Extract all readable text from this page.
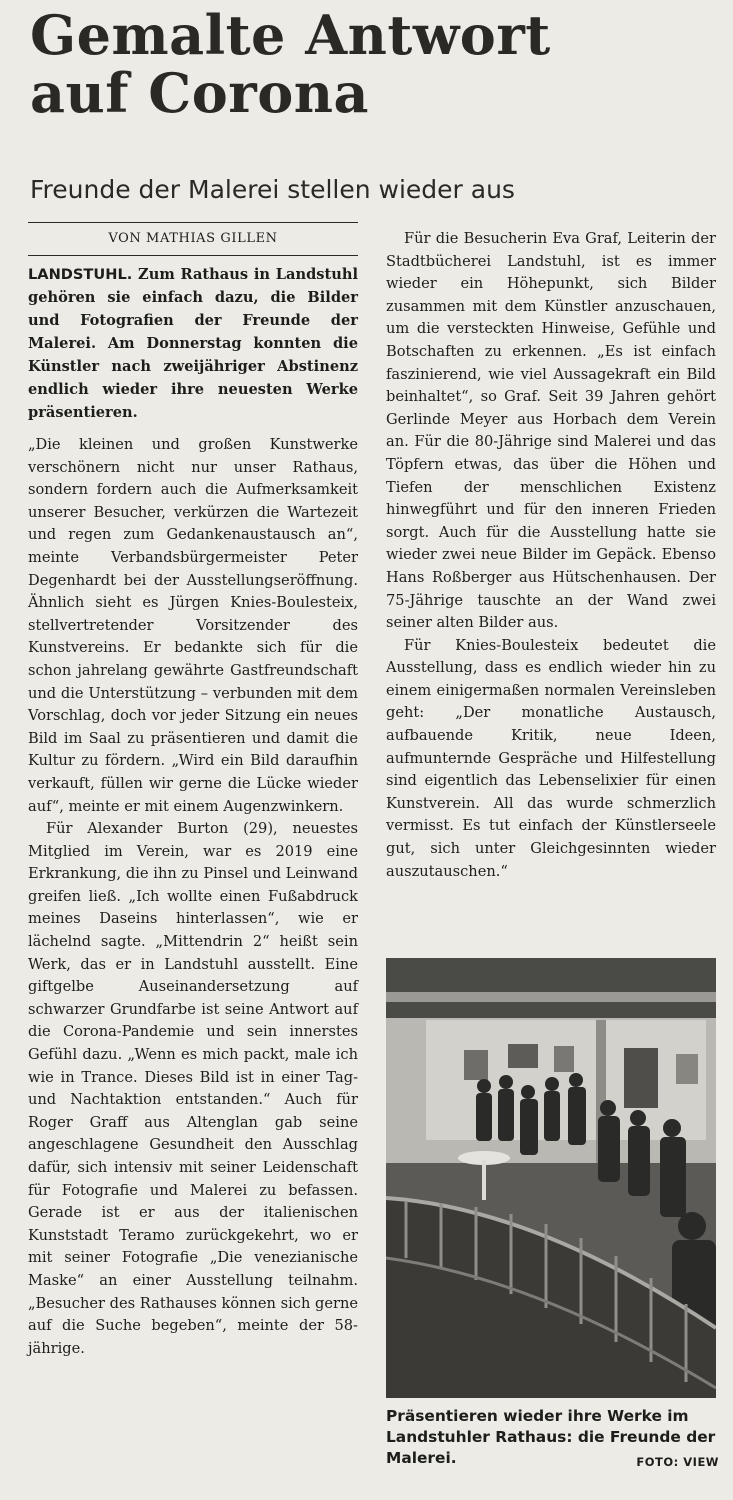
Gemalte Antwort
auf Corona
Freunde der Malerei stellen wieder aus
VON MATHIAS GILLEN

LANDSTUHL. Zum Rathaus in Landstuhl gehören sie einfach dazu, die Bilder und Fotografien der Freunde der Malerei. Am Donnerstag konnten die Künstler nach zweijähriger Abstinenz endlich wieder ihre neuesten Werke präsentieren.

„Die kleinen und großen Kunstwerke verschönern nicht nur unser Rathaus, sondern fordern auch die Aufmerksamkeit unserer Besucher, verkürzen die Wartezeit und regen zum Gedankenaustausch an“, meinte Verbandsbürgermeister Peter Degenhardt bei der Ausstellungseröffnung. Ähnlich sieht es Jürgen Knies-Boulesteix, stellvertretender Vorsitzender des Kunstvereins. Er bedankte sich für die schon jahrelang gewährte Gastfreundschaft und die Unterstützung – verbunden mit dem Vorschlag, doch vor jeder Sitzung ein neues Bild im Saal zu präsentieren und damit die Kultur zu fördern. „Wird ein Bild daraufhin verkauft, füllen wir gerne die Lücke wieder auf“, meinte er mit einem Augenzwinkern.

Für Alexander Burton (29), neuestes Mitglied im Verein, war es 2019 eine Erkrankung, die ihn zu Pinsel und Leinwand greifen ließ. „Ich wollte einen Fußabdruck meines Daseins hinterlassen“, wie er lächelnd sagte. „Mittendrin 2“ heißt sein Werk, das er in Landstuhl ausstellt. Eine giftgelbe Auseinandersetzung auf schwarzer Grundfarbe ist seine Antwort auf die Corona-Pandemie und sein innerstes Gefühl dazu. „Wenn es mich packt, male ich wie in Trance. Dieses Bild ist in einer Tag- und Nachtaktion entstanden.“ Auch für Roger Graff aus Altenglan gab seine angeschlagene Gesundheit den Ausschlag dafür, sich intensiv mit seiner Leidenschaft für Fotografie und Malerei zu befassen. Gerade ist er aus der italienischen Kunststadt Teramo zurückgekehrt, wo er mit seiner Fotografie „Die venezianische Maske“ an einer Ausstellung teilnahm. „Besucher des Rathauses können sich gerne auf die Suche begeben“, meinte der 58-jährige.

Für die Besucherin Eva Graf, Leiterin der Stadtbücherei Landstuhl, ist es immer wieder ein Höhepunkt, sich Bilder zusammen mit dem Künstler anzuschauen, um die versteckten Hinweise, Gefühle und Botschaften zu erkennen. „Es ist einfach faszinierend, wie viel Aussagekraft ein Bild beinhaltet“, so Graf. Seit 39 Jahren gehört Gerlinde Meyer aus Horbach dem Verein an. Für die 80-Jährige sind Malerei und das Töpfern etwas, das über die Höhen und Tiefen der menschlichen Existenz hinwegführt und für den inneren Frieden sorgt. Auch für die Ausstellung hatte sie wieder zwei neue Bilder im Gepäck. Ebenso Hans Roßberger aus Hütschenhausen. Der 75-Jährige tauschte an der Wand zwei seiner alten Bilder aus.

Für Knies-Boulesteix bedeutet die Ausstellung, dass es endlich wieder hin zu einem einigermaßen normalen Vereinsleben geht: „Der monatliche Austausch, aufbauende Kritik, neue Ideen, aufmunternde Gespräche und Hilfestellung sind eigentlich das Lebenselixier für einen Kunstverein. All das wurde schmerzlich vermisst. Es tut einfach der Künstlerseele gut, sich unter Gleichgesinnten wieder auszutauschen.“

Präsentieren wieder ihre Werke im Landstuhler Rathaus: die Freunde der Malerei.	FOTO: VIEW
